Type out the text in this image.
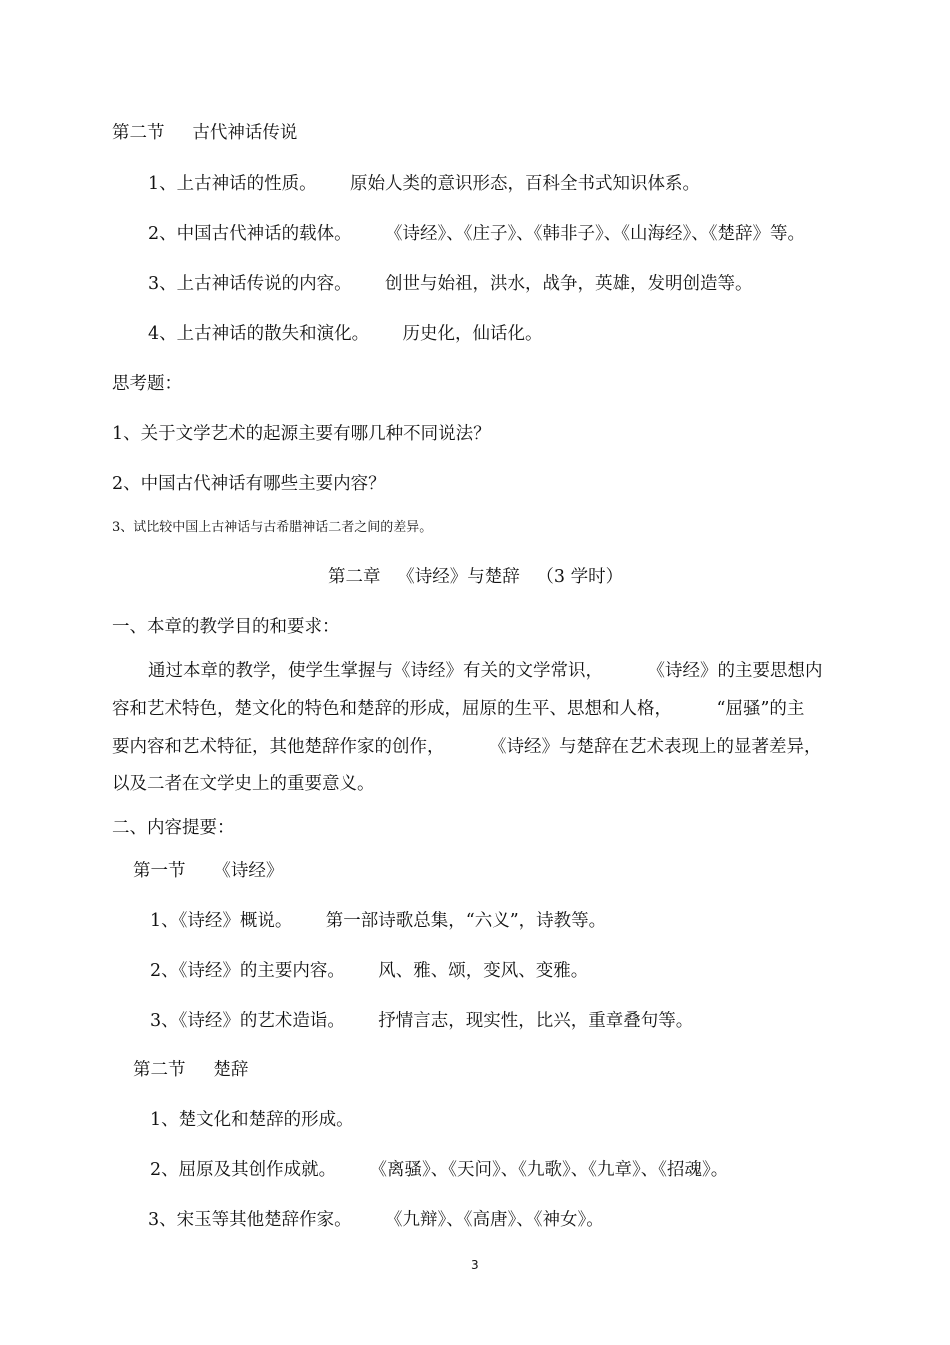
第二节     古代神话传说
1、上古神话的性质。      原始人类的意识形态，百科全书式知识体系。
2、中国古代神话的载体。      《诗经》、《庄子》、《韩非子》、《山海经》、《楚辞》等。
3、上古神话传说的内容。      创世与始祖，洪水，战争，英雄，发明创造等。
4、上古神话的散失和演化。      历史化，仙话化。
思考题：
1、关于文学艺术的起源主要有哪几种不同说法？
2、中国古代神话有哪些主要内容？
3、试比较中国上古神话与古希腊神话二者之间的差异。
第二章   《诗经》与楚辞   （3 学时）
一、本章的教学目的和要求：
通过本章的教学，使学生掌握与《诗经》有关的文学常识，        《诗经》的主要思想内
容和艺术特色，楚文化的特色和楚辞的形成，屈原的生平、思想和人格，        “屈骚”的主
要内容和艺术特征，其他楚辞作家的创作，        《诗经》与楚辞在艺术表现上的显著差异，
以及二者在文学史上的重要意义。
二、内容提要：
第一节     《诗经》
1、《诗经》概说。      第一部诗歌总集，“六义”，诗教等。
2、《诗经》的主要内容。      风、雅、颂，变风、变雅。
3、《诗经》的艺术造诣。      抒情言志，现实性，比兴，重章叠句等。
第二节     楚辞
1、楚文化和楚辞的形成。
2、屈原及其创作成就。      《离骚》、《天问》、《九歌》、《九章》、《招魂》。
3、宋玉等其他楚辞作家。      《九辩》、《高唐》、《神女》。
3
